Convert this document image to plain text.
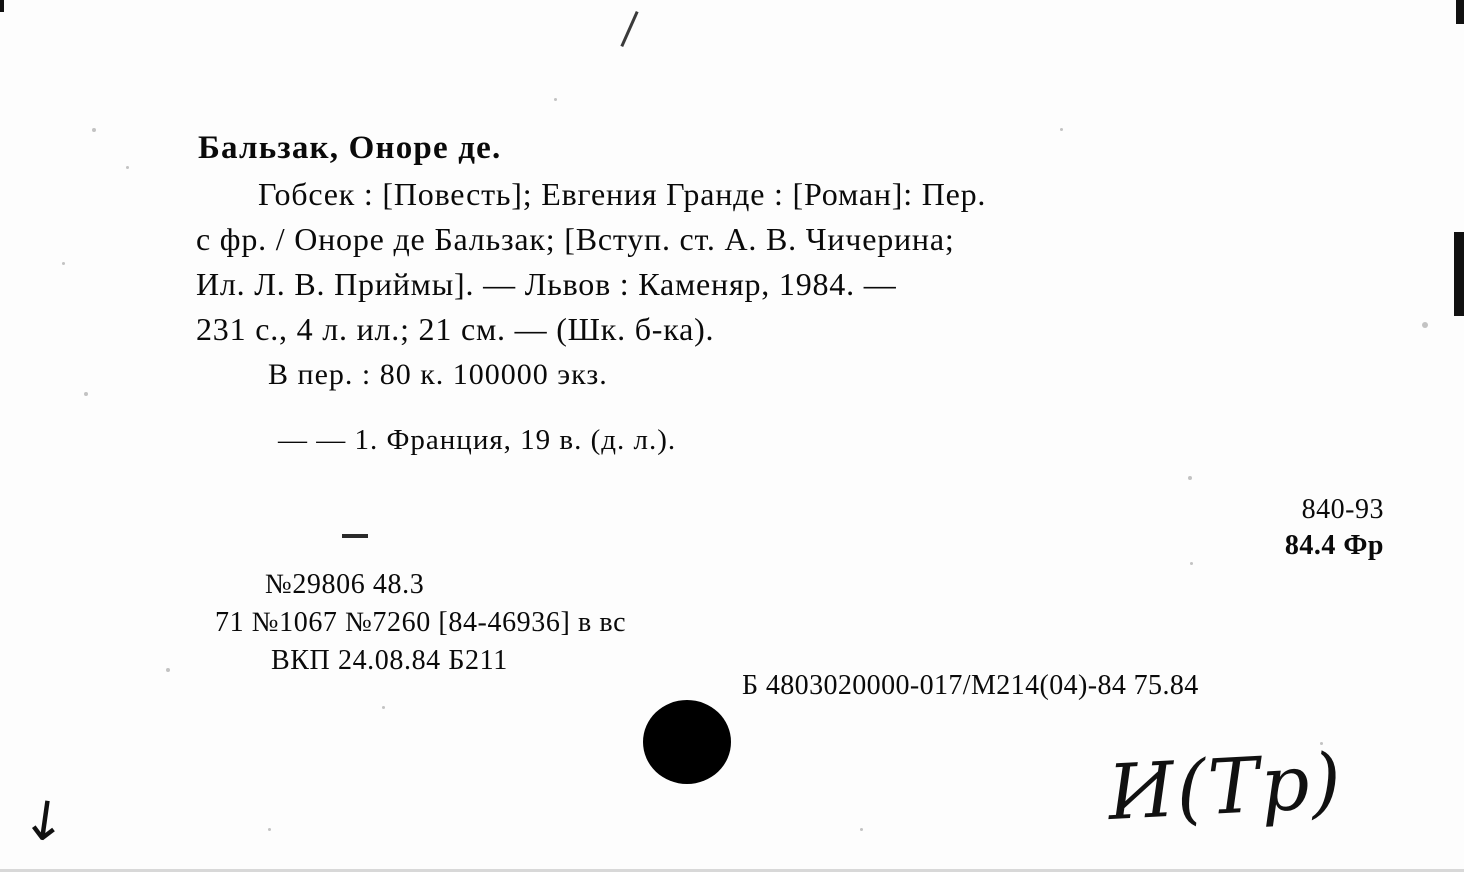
Бальзак, Оноре де.
Гобсек : [Повесть]; Евгения Гранде : [Роман]: Пер.
с фр. / Оноре де Бальзак; [Вступ. ст. А. В. Чичерина;
Ил. Л. В. Приймы]. — Львов : Каменяр, 1984. —
231 с., 4 л. ил.; 21 см. — (Шк. б-ка).
В пер. : 80 к. 100000 экз.
— — 1. Франция, 19 в. (д. л.).
840-93
84.4 Фр
№29806 48.3
71 №1067 №7260 [84-46936] в вс
ВКП 24.08.84 Б211
Б 4803020000-017/М214(04)-84 75.84
И(Тр)
↓
